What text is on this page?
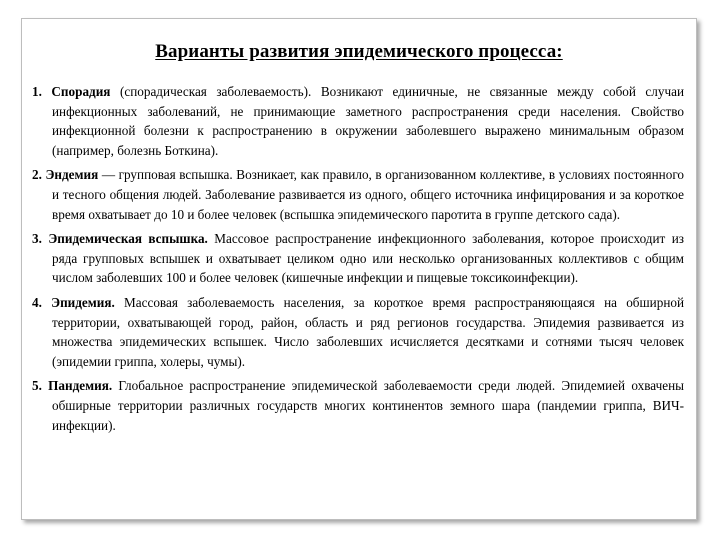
Варианты развития эпидемического процесса:
1. Спорадия (спорадическая заболеваемость). Возникают единичные, не связанные между собой случаи инфекционных заболеваний, не принимающие заметного распространения среди населения. Свойство инфекционной болезни к распространению в окружении заболевшего выражено минимальным образом (например, болезнь Боткина).
2. Эндемия — групповая вспышка. Возникает, как правило, в организованном коллективе, в условиях постоянного и тесного общения людей. Заболевание развивается из одного, общего источника инфицирования и за короткое время охватывает до 10 и более человек (вспышка эпидемического паротита в группе детского сада).
3. Эпидемическая вспышка. Массовое распространение инфекционного заболевания, которое происходит из ряда групповых вспышек и охватывает целиком одно или несколько организованных коллективов с общим числом заболевших 100 и более человек (кишечные инфекции и пищевые токсикоинфекции).
4. Эпидемия. Массовая заболеваемость населения, за короткое время распространяющаяся на обширной территории, охватывающей город, район, область и ряд регионов государства. Эпидемия развивается из множества эпидемических вспышек. Число заболевших исчисляется десятками и сотнями тысяч человек (эпидемии гриппа, холеры, чумы).
5. Пандемия. Глобальное распространение эпидемической заболеваемости среди людей. Эпидемией охвачены обширные территории различных государств многих континентов земного шара (пандемии гриппа, ВИЧ-инфекции).
